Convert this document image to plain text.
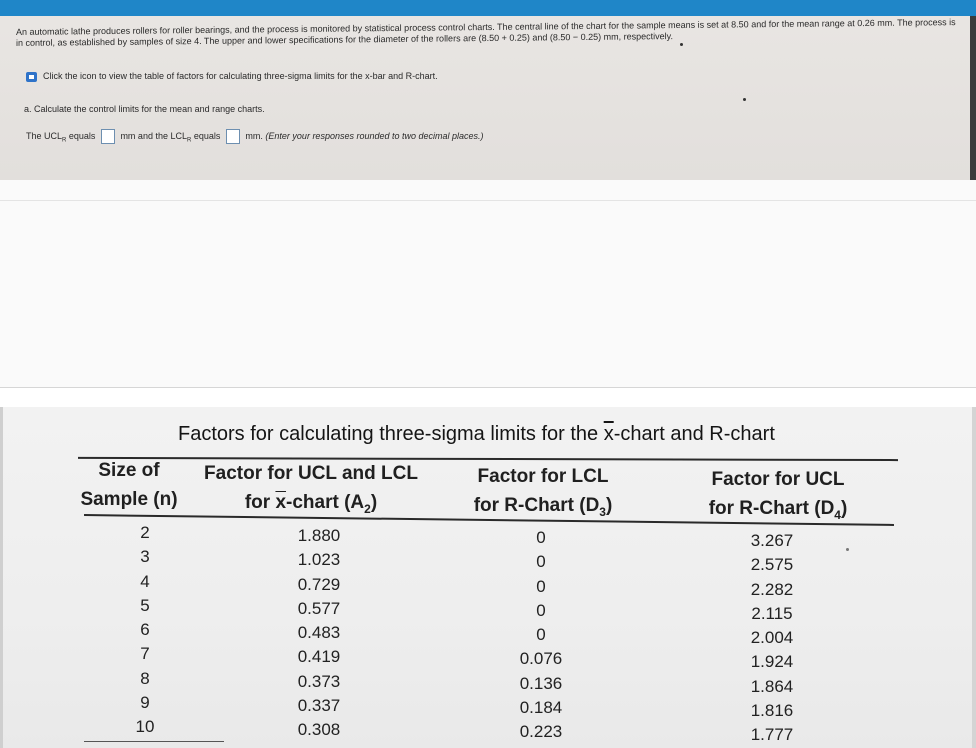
An automatic lathe produces rollers for roller bearings, and the process is monitored by statistical process control charts. The central line of the chart for the sample means is set at 8.50 and for the mean range at 0.26 mm. The process is in control, as established by samples of size 4. The upper and lower specifications for the diameter of the rollers are (8.50 + 0.25) and (8.50 − 0.25) mm, respectively.
Click the icon to view the table of factors for calculating three-sigma limits for the x-bar and R-chart.
a. Calculate the control limits for the mean and range charts.
The $UCL_R$ equals	mm and the $LCL_R$ equals	mm. (Enter your responses rounded to two decimal places.)
Factors for calculating three-sigma limits for the $\overline{x}$-chart and R-chart
Size of
Sample (n)
Factor for UCL and LCL
for $\overline{x}$-chart $(A_2)$
Factor for LCL
for R-Chart $(D_3)$
Factor for UCL
for R-Chart $(D_4)$
2
3
4
5
6
7
8
9
10
1.880
1.023
0.729
0.577
0.483
0.419
0.373
0.337
0.308
0
0
0
0
0
0.076
0.136
0.184
0.223
3.267
2.575
2.282
2.115
2.004
1.924
1.864
1.816
1.777
